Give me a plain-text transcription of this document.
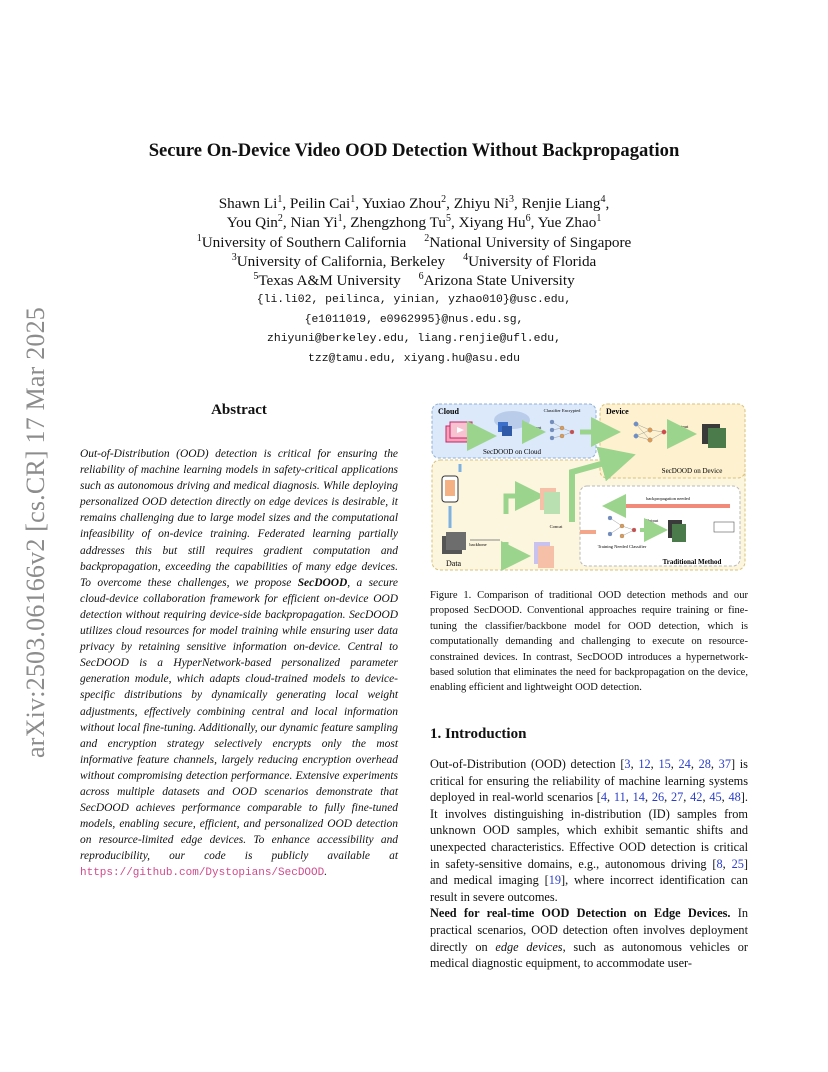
arXiv:2503.06166v2 [cs.CR] 17 Mar 2025
Secure On-Device Video OOD Detection Without Backpropagation
Shawn Li$^1$, Peilin Cai$^1$, Yuxiao Zhou$^2$, Zhiyu Ni$^3$, Renjie Liang$^4$,
You Qin$^2$, Nian Yi$^1$, Zhengzhong Tu$^5$, Xiyang Hu$^6$, Yue Zhao$^1$
$^1$University of Southern California $^2$National University of Singapore
$^3$University of California, Berkeley $^4$University of Florida
$^5$Texas A&M University $^6$Arizona State University
{li.li02, peilinca, yinian, yzhao010}@usc.edu,
{e1011019, e0962995}@nus.edu.sg,
zhiyuni@berkeley.edu, liang.renjie@ufl.edu,
tzz@tamu.edu, xiyang.hu@asu.edu
Abstract
Out-of-Distribution (OOD) detection is critical for ensuring the reliability of machine learning models in safety-critical applications such as autonomous driving and medical diagnosis. While deploying personalized OOD detection directly on edge devices is desirable, it remains challenging due to large model sizes and the computational infeasibility of on-device training. Federated learning partially addresses this but still requires gradient computation and backpropagation, exceeding the capabilities of many edge devices. To overcome these challenges, we propose SecDOOD, a secure cloud-device collaboration framework for efficient on-device OOD detection without requiring device-side backpropagation. SecDOOD utilizes cloud resources for model training while ensuring user data privacy by retaining sensitive information on-device. Central to SecDOOD is a HyperNetwork-based personalized parameter generation module, which adapts cloud-trained models to device-specific distributions by dynamically generating local weight adjustments, effectively combining central and local information without local fine-tuning. Additionally, our dynamic feature sampling and encryption strategy selectively encrypts only the most informative feature channels, largely reducing encryption overhead without compromising detection performance. Extensive experiments across multiple datasets and OOD scenarios demonstrate that SecDOOD achieves performance comparable to fully fine-tuned models, enabling secure, efficient, and personalized OOD detection on resource-limited edge devices. To enhance accessibility and reproducibility, our code is publicly available at https://github.com/Dystopians/SecDOOD.
Cloud	Device
Classifier Encrypted
Output
SecDOOD on Cloud
Output
SecDOOD on Device
backpropagation needed
Concat
backbone
Output
Training Needed Classifier
Data	Traditional Method
Figure 1. Comparison of traditional OOD detection methods and our proposed SecDOOD. Conventional approaches require training or fine-tuning the classifier/backbone model for OOD detection, which is computationally demanding and challenging to execute on resource-constrained devices. In contrast, SecDOOD introduces a hypernetwork-based solution that eliminates the need for backpropagation on the device, enabling efficient and lightweight OOD detection.
1. Introduction
Out-of-Distribution (OOD) detection [3, 12, 15, 24, 28, 37] is critical for ensuring the reliability of machine learning systems deployed in real-world scenarios [4, 11, 14, 26, 27, 42, 45, 48]. It involves distinguishing in-distribution (ID) samples from unknown OOD samples, which exhibit semantic shifts and unexpected characteristics. Effective OOD detection is critical in safety-sensitive domains, e.g., autonomous driving [8, 25] and medical imaging [19], where incorrect identification can result in severe outcomes.
Need for real-time OOD Detection on Edge Devices. In practical scenarios, OOD detection often involves deployment directly on edge devices, such as autonomous vehicles or medical diagnostic equipment, to accommodate user-
